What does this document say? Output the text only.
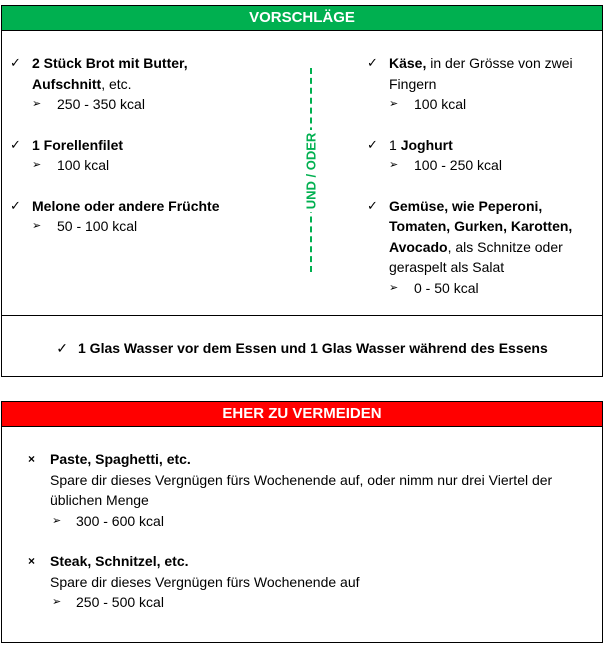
VORSCHLÄGE
✓ 2 Stück Brot mit Butter,
Aufschnitt, etc.
➢ 250 - 350 kcal
✓ 1 Forellenfilet
➢ 100 kcal
✓ Melone oder andere Früchte
➢ 50 - 100 kcal
UND / ODER
✓ Käse, in der Grösse von zwei
Fingern
➢ 100 kcal
✓ 1 Joghurt
➢ 100 - 250 kcal
✓ Gemüse, wie Peperoni,
Tomaten, Gurken, Karotten,
Avocado, als Schnitze oder
geraspelt als Salat
➢ 0 - 50 kcal
✓ 1 Glas Wasser vor dem Essen und 1 Glas Wasser während des Essens
EHER ZU VERMEIDEN
× Paste, Spaghetti, etc.
Spare dir dieses Vergnügen fürs Wochenende auf, oder nimm nur drei Viertel der
üblichen Menge
➢ 300 - 600 kcal
× Steak, Schnitzel, etc.
Spare dir dieses Vergnügen fürs Wochenende auf
➢ 250 - 500 kcal
